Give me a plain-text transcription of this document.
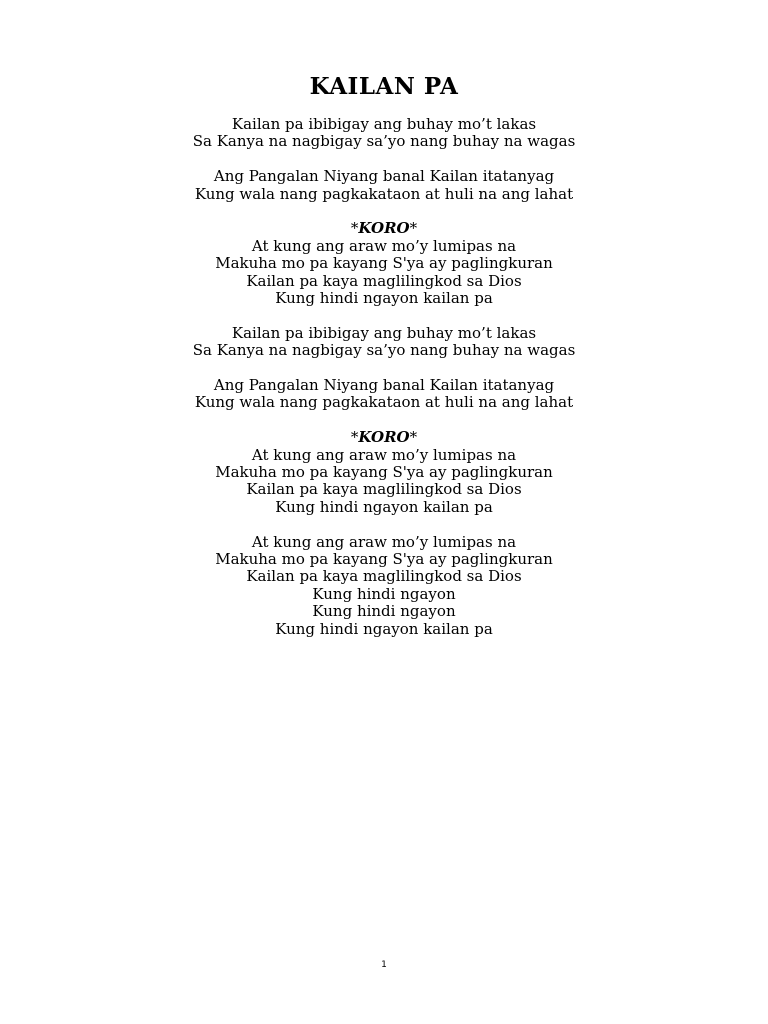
KAILAN PA
Kailan pa ibibigay ang buhay mo’t lakas
Sa Kanya na nagbigay sa’yo nang buhay na wagas
Ang Pangalan Niyang banal Kailan itatanyag
Kung wala nang pagkakataon at huli na ang lahat
*KORO*
At kung ang araw mo’y lumipas na
Makuha mo pa kayang S'ya ay paglingkuran
Kailan pa kaya maglilingkod sa Dios
Kung hindi ngayon kailan pa
Kailan pa ibibigay ang buhay mo’t lakas
Sa Kanya na nagbigay sa’yo nang buhay na wagas
Ang Pangalan Niyang banal Kailan itatanyag
Kung wala nang pagkakataon at huli na ang lahat
*KORO*
At kung ang araw mo’y lumipas na
Makuha mo pa kayang S'ya ay paglingkuran
Kailan pa kaya maglilingkod sa Dios
Kung hindi ngayon kailan pa
At kung ang araw mo’y lumipas na
Makuha mo pa kayang S'ya ay paglingkuran
Kailan pa kaya maglilingkod sa Dios
Kung hindi ngayon
Kung hindi ngayon
Kung hindi ngayon kailan pa
1
